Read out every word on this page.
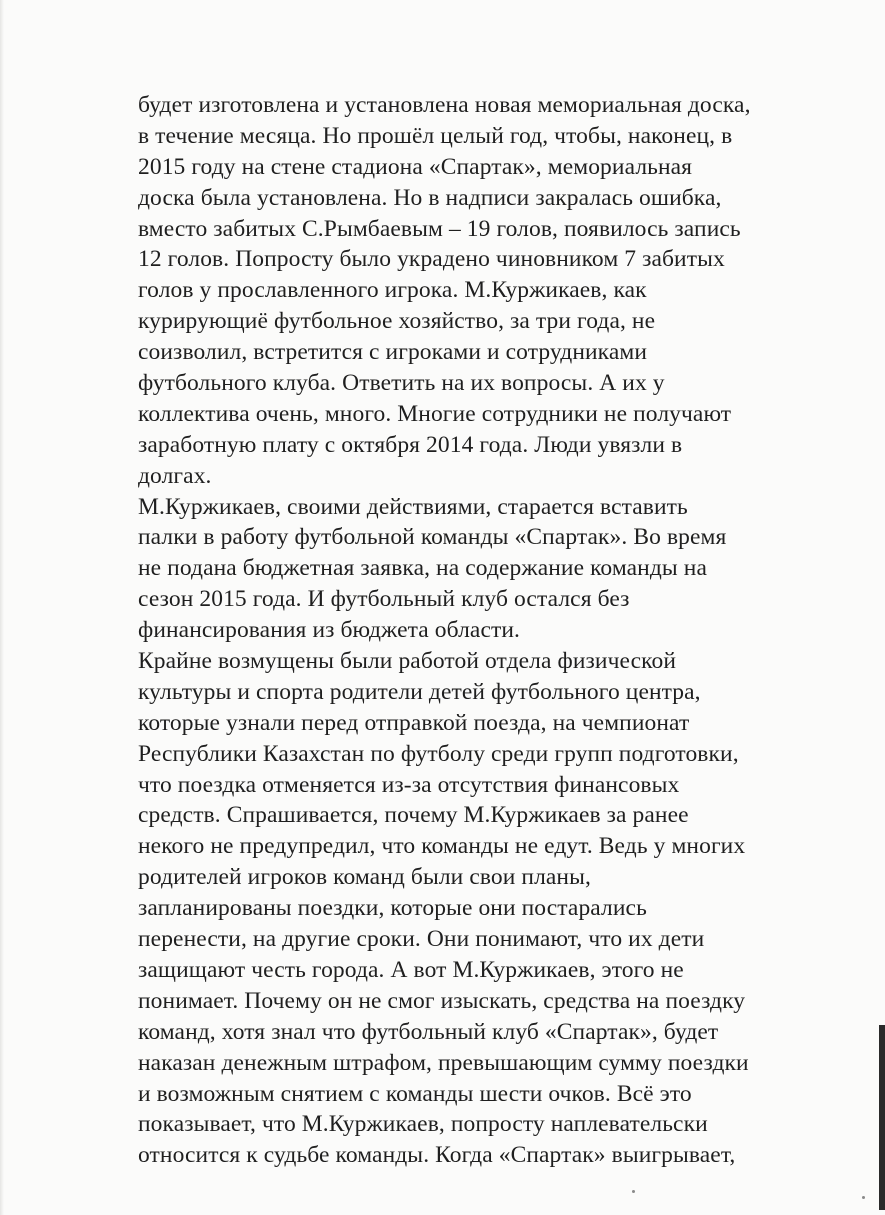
будет изготовлена и установлена новая мемориальная доска,
в течение месяца. Но прошёл целый год, чтобы, наконец, в
2015 году на стене стадиона «Спартак», мемориальная
доска была установлена. Но в надписи закралась ошибка,
вместо забитых С.Рымбаевым – 19 голов, появилось запись
12 голов. Попросту было украдено чиновником 7 забитых
голов у прославленного игрока. М.Куржикаев, как
курирующиё футбольное хозяйство, за три года, не
соизволил, встретится с игроками и сотрудниками
футбольного клуба. Ответить на их вопросы. А их у
коллектива очень, много. Многие сотрудники не получают
заработную плату с октября 2014 года. Люди увязли в
долгах.
М.Куржикаев, своими действиями, старается вставить
палки в работу футбольной команды «Спартак». Во время
не подана бюджетная заявка, на содержание команды на
сезон 2015 года. И футбольный клуб остался без
финансирования из бюджета области.
Крайне возмущены были работой отдела физической
культуры и спорта родители детей футбольного центра,
которые узнали перед отправкой поезда, на чемпионат
Республики Казахстан по футболу среди групп подготовки,
что поездка отменяется из-за отсутствия финансовых
средств. Спрашивается, почему М.Куржикаев за ранее
некого не предупредил, что команды не едут. Ведь у многих
родителей игроков команд были свои планы,
запланированы поездки, которые они постарались
перенести, на другие сроки. Они понимают, что их дети
защищают честь города. А вот М.Куржикаев, этого не
понимает. Почему он не смог изыскать, средства на поездку
команд, хотя знал что футбольный клуб «Спартак», будет
наказан денежным штрафом, превышающим сумму поездки
и возможным снятием с команды шести очков. Всё это
показывает, что М.Куржикаев, попросту наплевательски
относится к судьбе команды. Когда «Спартак» выигрывает,
